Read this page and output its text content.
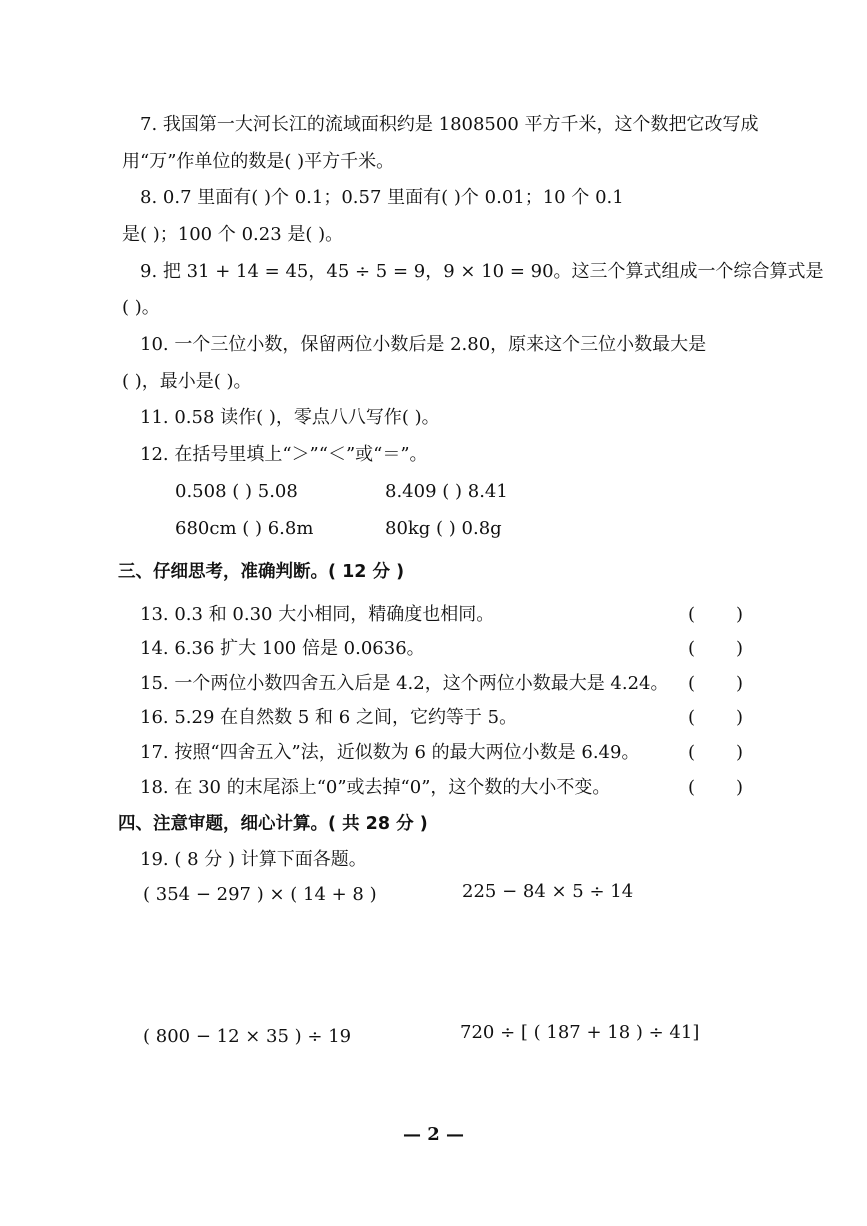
7. 我国第一大河长江的流域面积约是 1808500 平方千米，这个数把它改写成
用“万”作单位的数是( )平方千米。
8. 0.7 里面有( )个 0.1；0.57 里面有( )个 0.01；10 个 0.1
是( )；100 个 0.23 是( )。
9. 把 31 + 14 = 45，45 ÷ 5 = 9，9 × 10 = 90。这三个算式组成一个综合算式是
( )。
10. 一个三位小数，保留两位小数后是 2.80，原来这个三位小数最大是
( )，最小是( )。
11. 0.58 读作( )，零点八八写作( )。
12. 在括号里填上“＞”“＜”或“＝”。
0.508 ( ) 5.08	8.409 ( ) 8.41
680cm ( ) 6.8m	80kg ( ) 0.8g
三、仔细思考，准确判断。( 12 分 )
13. 0.3 和 0.30 大小相同，精确度也相同。	( )
14. 6.36 扩大 100 倍是 0.0636。	( )
15. 一个两位小数四舍五入后是 4.2，这个两位小数最大是 4.24。 ( )
16. 5.29 在自然数 5 和 6 之间，它约等于 5。	( )
17. 按照“四舍五入”法，近似数为 6 的最大两位小数是 6.49。	( )
18. 在 30 的末尾添上“0”或去掉“0”，这个数的大小不变。	( )
四、注意审题，细心计算。( 共 28 分 )
19. ( 8 分 ) 计算下面各题。
( 354 − 297 ) × ( 14 + 8 )	225 − 84 × 5 ÷ 14
( 800 − 12 × 35 ) ÷ 19	720 ÷ [ ( 187 + 18 ) ÷ 41]
— 2 —
